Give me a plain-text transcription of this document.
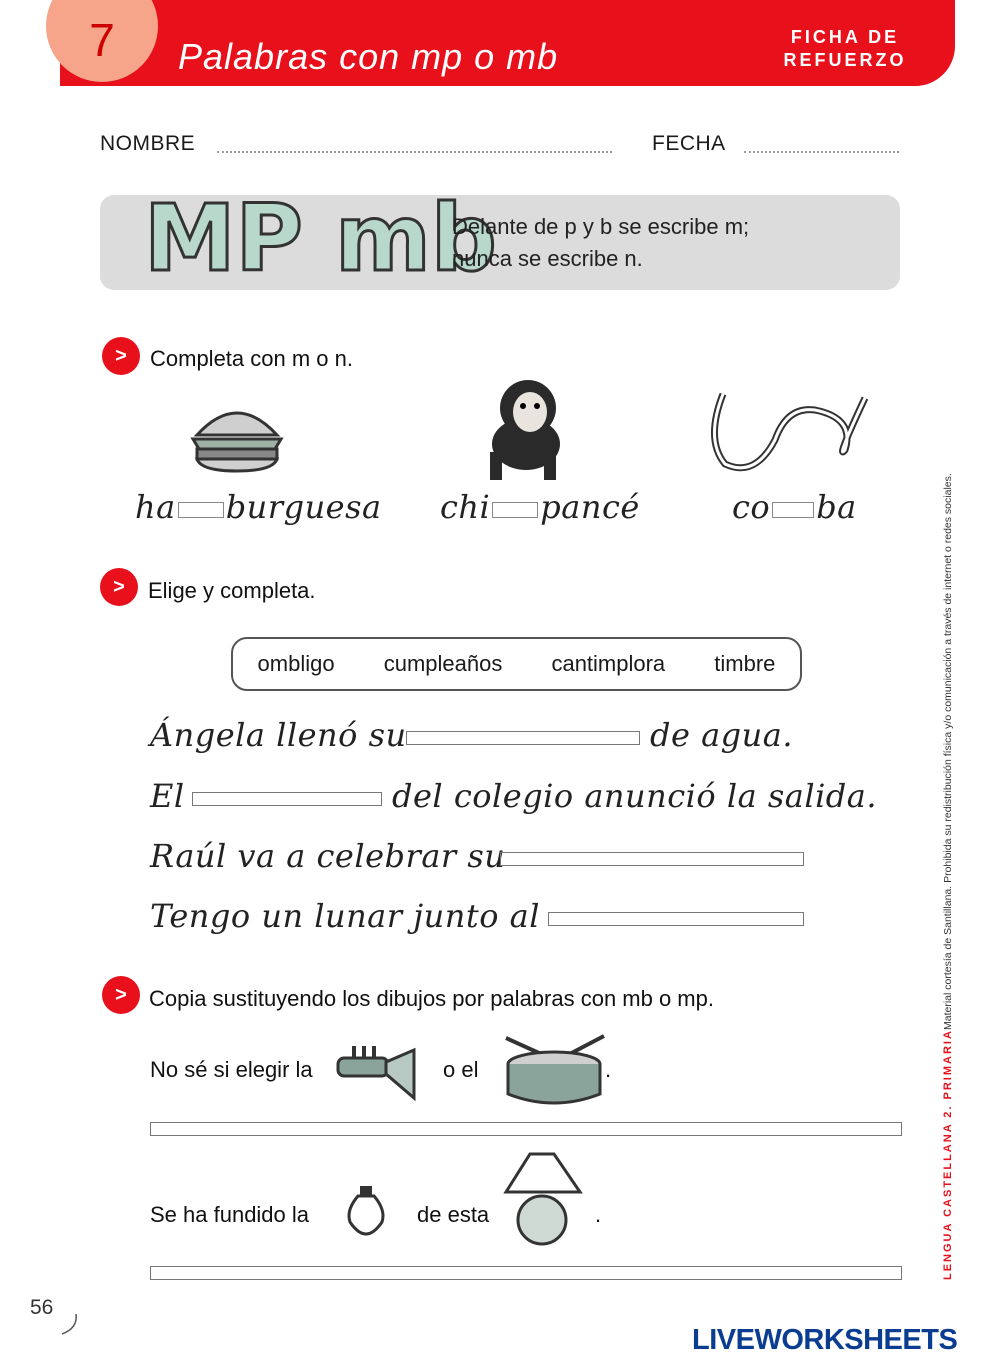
7	Palabras con mp o mb	FICHA DE
REFUERZO
NOMBRE	FECHA
MP mb
Delante de p y b se escribe m;
nunca se escribe n.
>	Completa con m o n.
ha burguesa chi pancé	co ba
>	Elige y completa.
ombligo cumpleaños cantimplora timbre
Ángela llenó su	de agua.
El	del colegio anunció la salida.
Raúl va a celebrar su
Tengo un lunar junto al
>	Copia sustituyendo los dibujos por palabras con mb o mp.
No sé si elegir la	o el	.
Se ha fundido la	de esta	.
Material cortesía de Santillana. Prohibida su redistribución física y/o comunicación a través de internet o redes sociales.
LENGUA CASTELLANA 2. PRIMARIA
56
LIVEWORKSHEETS
